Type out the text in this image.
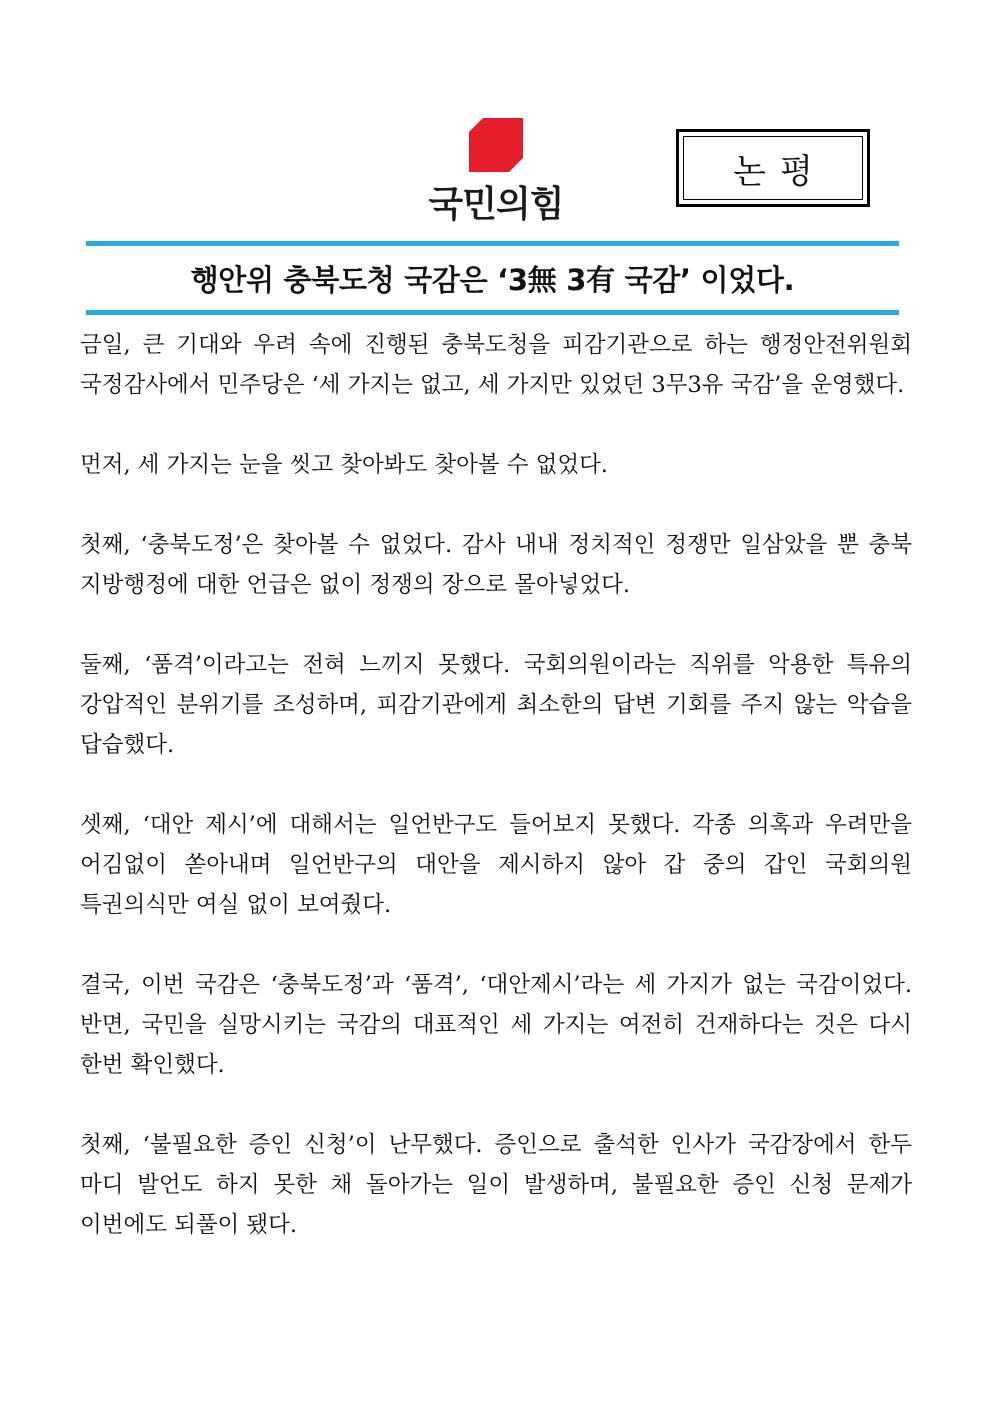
국민의힘
논평
행안위 충북도청 국감은 ‘3無 3有 국감’ 이었다.

금일, 큰 기대와 우려 속에 진행된 충북도청을 피감기관으로 하는 행정안전위원회 국정감사에서 민주당은 ‘세 가지는 없고, 세 가지만 있었던 3무3유 국감’을 운영했다.

먼저, 세 가지는 눈을 씻고 찾아봐도 찾아볼 수 없었다.

첫째, ‘충북도정’은 찾아볼 수 없었다. 감사 내내 정치적인 정쟁만 일삼았을 뿐 충북 지방행정에 대한 언급은 없이 정쟁의 장으로 몰아넣었다.

둘째, ‘품격’이라고는 전혀 느끼지 못했다. 국회의원이라는 직위를 악용한 특유의 강압적인 분위기를 조성하며, 피감기관에게 최소한의 답변 기회를 주지 않는 악습을 답습했다.

셋째, ‘대안 제시’에 대해서는 일언반구도 들어보지 못했다. 각종 의혹과 우려만을 어김없이 쏟아내며 일언반구의 대안을 제시하지 않아 갑 중의 갑인 국회의원 특권의식만 여실 없이 보여줬다.

결국, 이번 국감은 ‘충북도정’과 ‘품격’, ‘대안제시’라는 세 가지가 없는 국감이었다. 반면, 국민을 실망시키는 국감의 대표적인 세 가지는 여전히 건재하다는 것은 다시 한번 확인했다.

첫째, ‘불필요한 증인 신청’이 난무했다. 증인으로 출석한 인사가 국감장에서 한두 마디 발언도 하지 못한 채 돌아가는 일이 발생하며, 불필요한 증인 신청 문제가 이번에도 되풀이 됐다.
